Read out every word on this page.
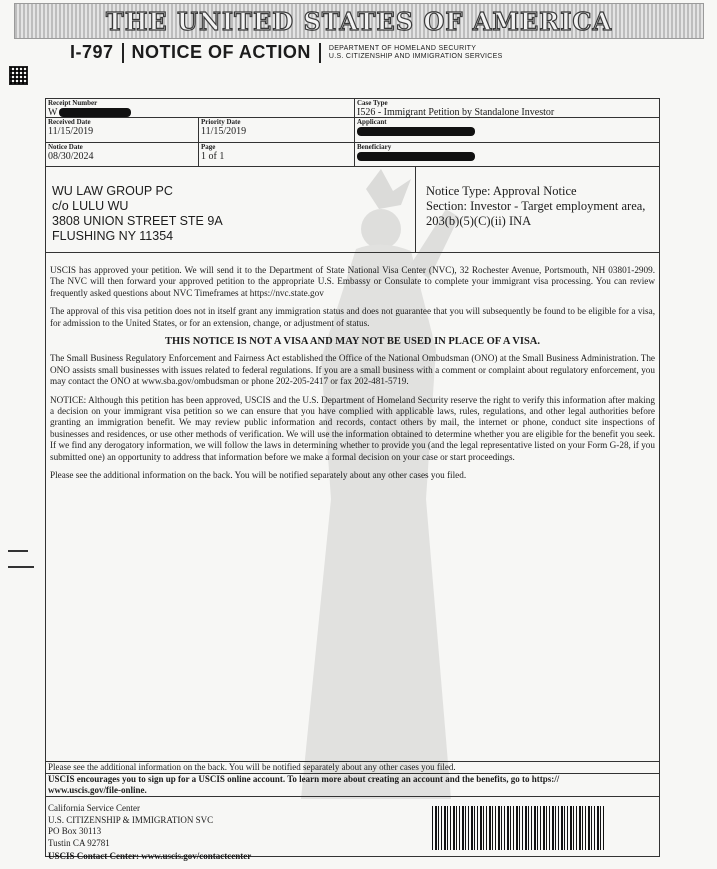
THE UNITED STATES OF AMERICA
I-797 NOTICE OF ACTION	DEPARTMENT OF HOMELAND SECURITY
U.S. CITIZENSHIP AND IMMIGRATION SERVICES
Receipt Number
W
Case Type
I526 - Immigrant Petition by Standalone Investor
Received Date
11/15/2019
Priority Date
11/15/2019
Applicant
Notice Date
08/30/2024
Page
1 of 1
Beneficiary
WU LAW GROUP PC
c/o LULU WU
3808 UNION STREET STE 9A
FLUSHING NY 11354
Notice Type: Approval Notice
Section: Investor - Target employment area,
203(b)(5)(C)(ii) INA

USCIS has approved your petition. We will send it to the Department of State National Visa Center (NVC), 32 Rochester Avenue, Portsmouth, NH 03801-2909. The NVC will then forward your approved petition to the appropriate U.S. Embassy or Consulate to complete your immigrant visa processing. You can review frequently asked questions about NVC Timeframes at https://nvc.state.gov

The approval of this visa petition does not in itself grant any immigration status and does not guarantee that you will subsequently be found to be eligible for a visa, for admission to the United States, or for an extension, change, or adjustment of status.

THIS NOTICE IS NOT A VISA AND MAY NOT BE USED IN PLACE OF A VISA.

The Small Business Regulatory Enforcement and Fairness Act established the Office of the National Ombudsman (ONO) at the Small Business Administration. The ONO assists small businesses with issues related to federal regulations. If you are a small business with a comment or complaint about regulatory enforcement, you may contact the ONO at www.sba.gov/ombudsman or phone 202-205-2417 or fax 202-481-5719.

NOTICE: Although this petition has been approved, USCIS and the U.S. Department of Homeland Security reserve the right to verify this information after making a decision on your immigrant visa petition so we can ensure that you have complied with applicable laws, rules, regulations, and other legal authorities before granting an immigration benefit. We may review public information and records, contact others by mail, the internet or phone, conduct site inspections of businesses and residences, or use other methods of verification. We will use the information obtained to determine whether you are eligible for the benefit you seek. If we find any derogatory information, we will follow the laws in determining whether to provide you (and the legal representative listed on your Form G-28, if you submitted one) an opportunity to address that information before we make a formal decision on your case or start proceedings.

Please see the additional information on the back. You will be notified separately about any other cases you filed.

Please see the additional information on the back. You will be notified separately about any other cases you filed.
USCIS encourages you to sign up for a USCIS online account. To learn more about creating an account and the benefits, go to https://
www.uscis.gov/file-online.
California Service Center
U.S. CITIZENSHIP & IMMIGRATION SVC
PO Box 30113
Tustin CA 92781
USCIS Contact Center: www.uscis.gov/contactcenter
